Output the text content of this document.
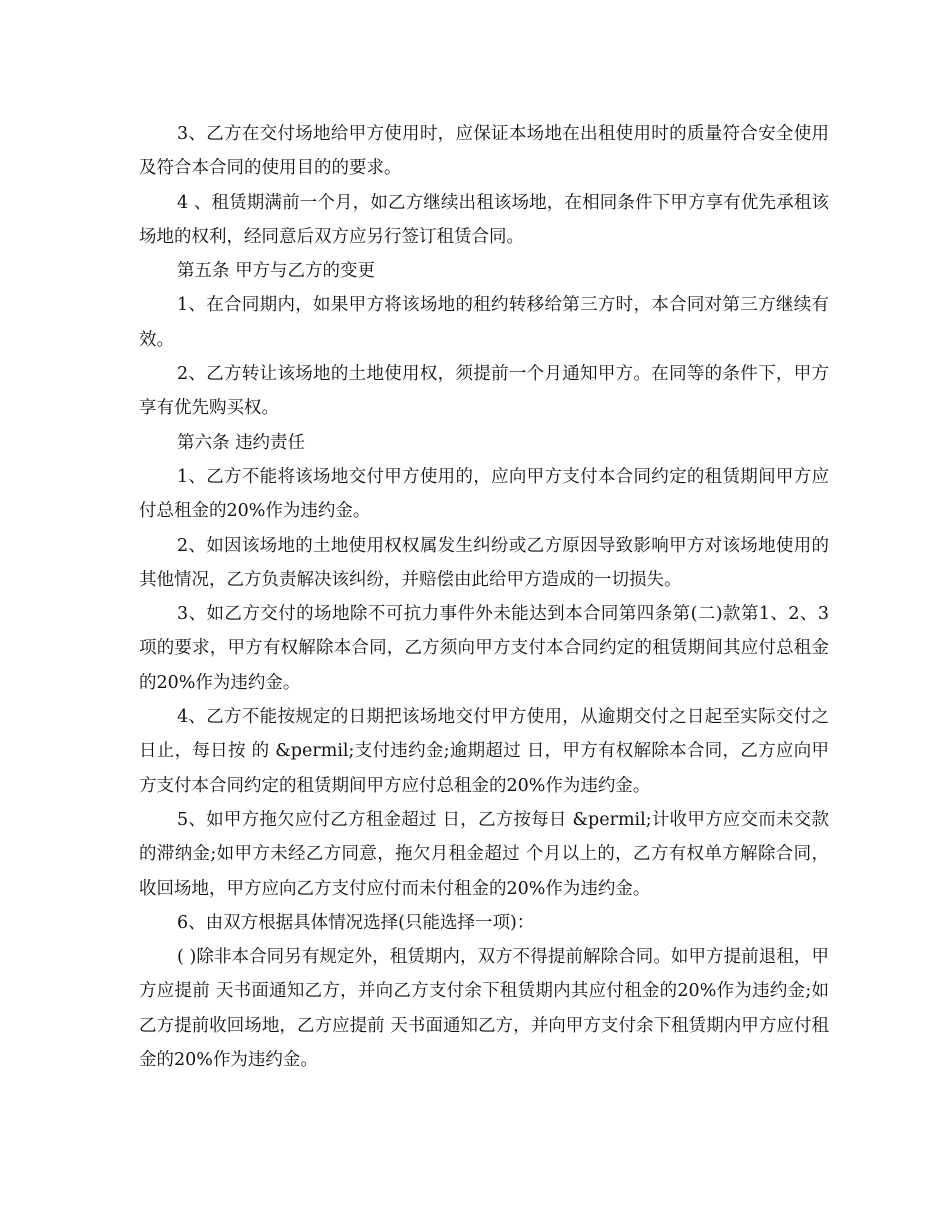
3、乙方在交付场地给甲方使用时，应保证本场地在出租使用时的质量符合安全使用及符合本合同的使用目的的要求。

4 、租赁期满前一个月，如乙方继续出租该场地，在相同条件下甲方享有优先承租该场地的权利，经同意后双方应另行签订租赁合同。

第五条 甲方与乙方的变更

1、在合同期内，如果甲方将该场地的租约转移给第三方时，本合同对第三方继续有效。

2、乙方转让该场地的土地使用权，须提前一个月通知甲方。在同等的条件下，甲方享有优先购买权。

第六条 违约责任

1、乙方不能将该场地交付甲方使用的，应向甲方支付本合同约定的租赁期间甲方应付总租金的20%作为违约金。

2、如因该场地的土地使用权权属发生纠纷或乙方原因导致影响甲方对该场地使用的其他情况，乙方负责解决该纠纷，并赔偿由此给甲方造成的一切损失。

3、如乙方交付的场地除不可抗力事件外未能达到本合同第四条第(二)款第1、2、3项的要求，甲方有权解除本合同，乙方须向甲方支付本合同约定的租赁期间其应付总租金的20%作为违约金。

4、乙方不能按规定的日期把该场地交付甲方使用，从逾期交付之日起至实际交付之日止，每日按 的 &permil;支付违约金;逾期超过 日，甲方有权解除本合同，乙方应向甲方支付本合同约定的租赁期间甲方应付总租金的20%作为违约金。

5、如甲方拖欠应付乙方租金超过 日，乙方按每日 &permil;计收甲方应交而未交款的滞纳金;如甲方未经乙方同意，拖欠月租金超过 个月以上的，乙方有权单方解除合同，收回场地，甲方应向乙方支付应付而未付租金的20%作为违约金。

6、由双方根据具体情况选择(只能选择一项)：

( )除非本合同另有规定外，租赁期内，双方不得提前解除合同。如甲方提前退租，甲方应提前 天书面通知乙方，并向乙方支付余下租赁期内其应付租金的20%作为违约金;如乙方提前收回场地，乙方应提前 天书面通知乙方，并向甲方支付余下租赁期内甲方应付租金的20%作为违约金。
